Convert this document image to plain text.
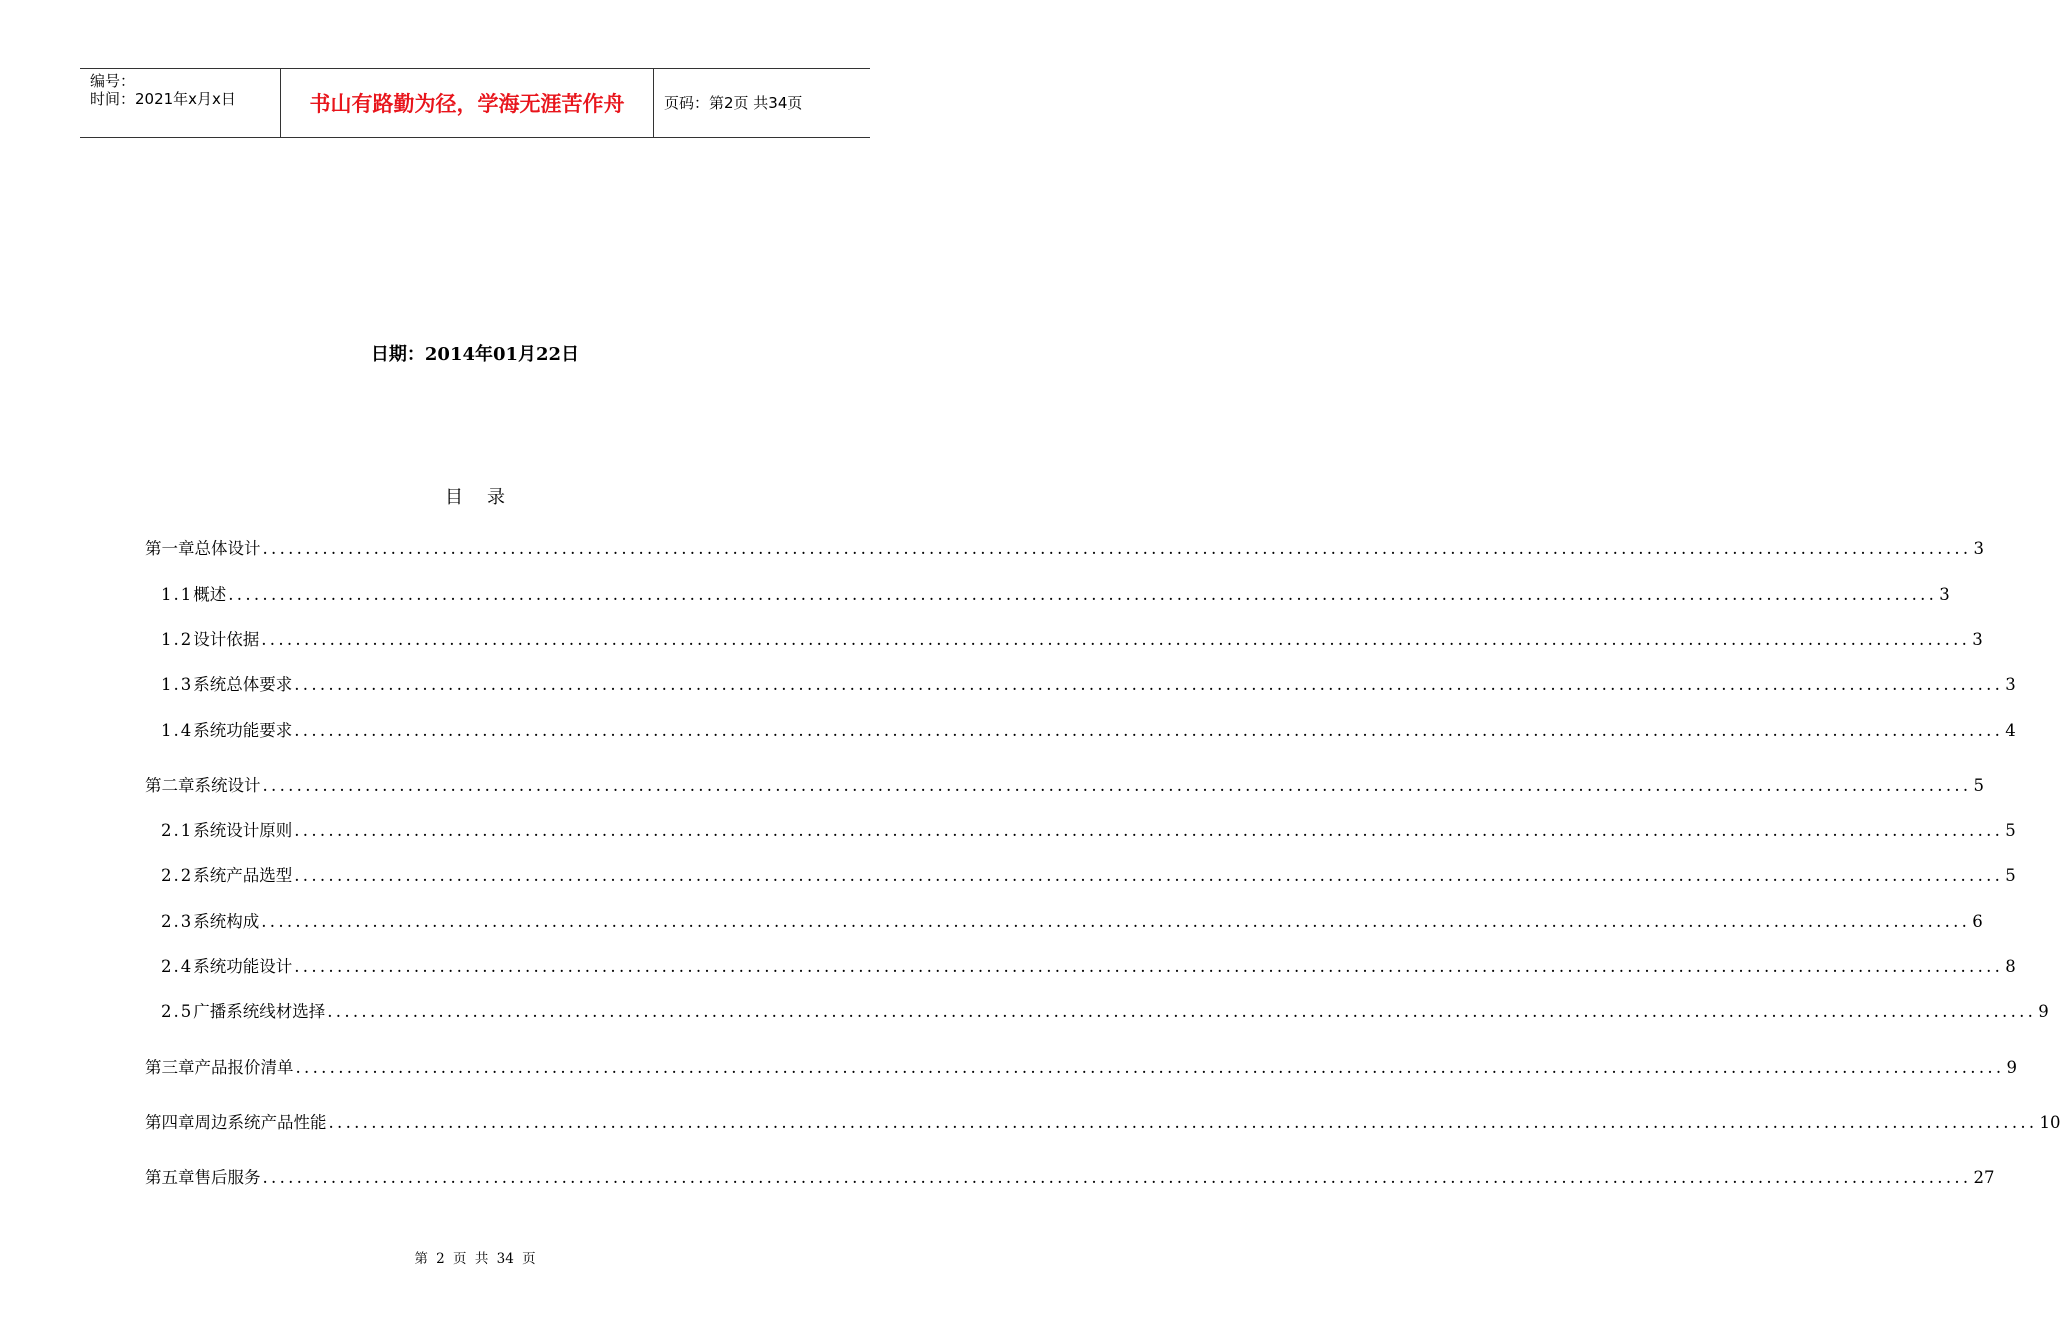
编号：
时间：2021年x月x日	书山有路勤为径，学海无涯苦作舟	页码：第2页 共34页
日期：2014年01月22日
目录
第一章 总体设计 ........................................................................................................................................................................................................ 3
1.1 概述 ........................................................................................................................................................................................................ 3
1.2 设计依据 ........................................................................................................................................................................................................ 3
1.3 系统总体要求 ........................................................................................................................................................................................................ 3
1.4 系统功能要求 ........................................................................................................................................................................................................ 4
第二章 系统设计 ........................................................................................................................................................................................................ 5
2.1 系统设计原则 ........................................................................................................................................................................................................ 5
2.2 系统产品选型 ........................................................................................................................................................................................................ 5
2.3 系统构成 ........................................................................................................................................................................................................ 6
2.4 系统功能设计 ........................................................................................................................................................................................................ 8
2.5 广播系统线材选择 ........................................................................................................................................................................................................ 9
第三章 产品报价清单 ........................................................................................................................................................................................................ 9
第四章 周边系统产品性能 ........................................................................................................................................................................................................ 10
第五章 售后服务 ........................................................................................................................................................................................................ 27
第 2 页 共 34 页
